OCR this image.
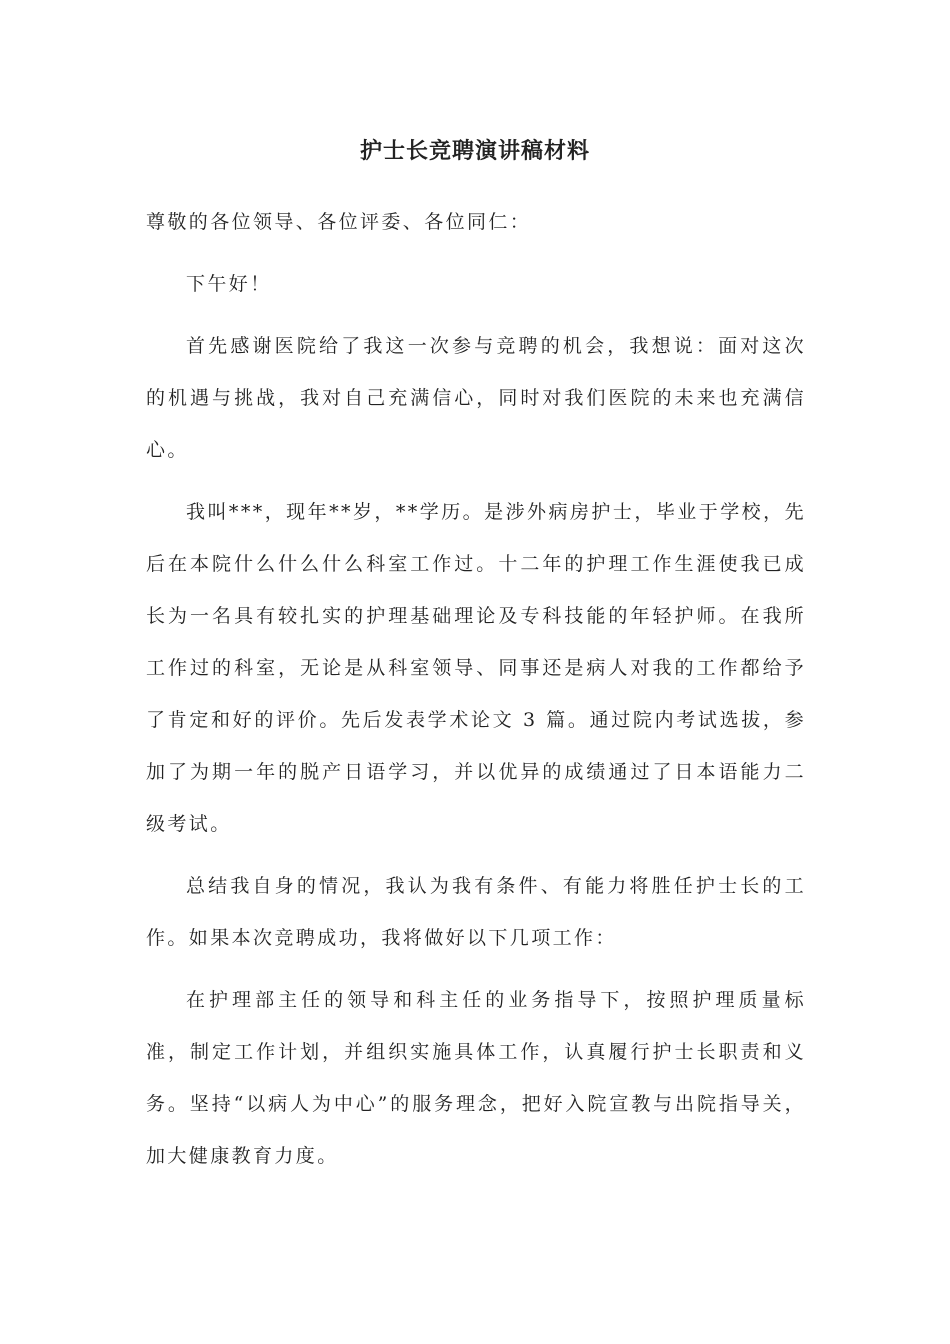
护士长竞聘演讲稿材料

尊敬的各位领导、各位评委、各位同仁：

下午好！

首先感谢医院给了我这一次参与竞聘的机会，我想说：面对这次的机遇与挑战，我对自己充满信心，同时对我们医院的未来也充满信心。

我叫***，现年**岁，**学历。是涉外病房护士，毕业于学校，先后在本院什么什么什么科室工作过。十二年的护理工作生涯使我已成长为一名具有较扎实的护理基础理论及专科技能的年轻护师。在我所工作过的科室，无论是从科室领导、同事还是病人对我的工作都给予了肯定和好的评价。先后发表学术论文 3 篇。通过院内考试选拔，参加了为期一年的脱产日语学习，并以优异的成绩通过了日本语能力二级考试。

总结我自身的情况，我认为我有条件、有能力将胜任护士长的工作。如果本次竞聘成功，我将做好以下几项工作：

在护理部主任的领导和科主任的业务指导下，按照护理质量标准，制定工作计划，并组织实施具体工作，认真履行护士长职责和义务。坚持“以病人为中心”的服务理念，把好入院宣教与出院指导关，加大健康教育力度。
